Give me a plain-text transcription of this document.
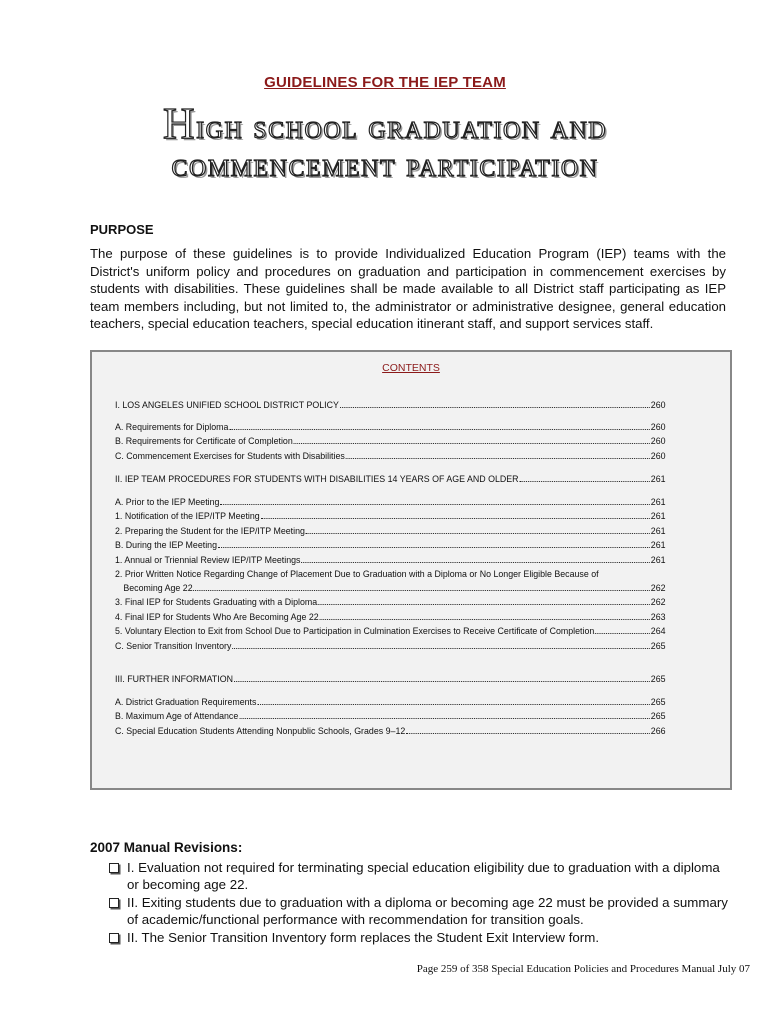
GUIDELINES FOR THE IEP TEAM
High school graduation and
commencement participation
PURPOSE

The purpose of these guidelines is to provide Individualized Education Program (IEP) teams with the District's uniform policy and procedures on graduation and participation in commencement exercises by students with disabilities. These guidelines shall be made available to all District staff participating as IEP team members including, but not limited to, the administrator or administrative designee, general education teachers, special education teachers, special education itinerant staff, and support services staff.

CONTENTS
I. LOS ANGELES UNIFIED SCHOOL DISTRICT POLICY	260
A. Requirements for Diploma	260
B. Requirements for Certificate of Completion	260
C. Commencement Exercises for Students with Disabilities	260
II. IEP TEAM PROCEDURES FOR STUDENTS WITH DISABILITIES 14 YEARS OF AGE AND OLDER	261
A. Prior to the IEP Meeting	261
1. Notification of the IEP/ITP Meeting	261
2. Preparing the Student for the IEP/ITP Meeting	261
B. During the IEP Meeting	261
1. Annual or Triennial Review IEP/ITP Meetings	261
2. Prior Written Notice Regarding Change of Placement Due to Graduation with a Diploma or No Longer Eligible Because of
Becoming Age 22	262
3. Final IEP for Students Graduating with a Diploma	262
4. Final IEP for Students Who Are Becoming Age 22	263
5. Voluntary Election to Exit from School Due to Participation in Culmination Exercises to Receive Certificate of Completion	264
C. Senior Transition Inventory	265
III. FURTHER INFORMATION	265
A. District Graduation Requirements	265
B. Maximum Age of Attendance	265
C. Special Education Students Attending Nonpublic Schools, Grades 9–12	266
2007 Manual Revisions:
I. Evaluation not required for terminating special education eligibility due to graduation with a diploma or becoming age 22.
II. Exiting students due to graduation with a diploma or becoming age 22 must be provided a summary of academic/functional performance with recommendation for transition goals.
II. The Senior Transition Inventory form replaces the Student Exit Interview form.
Page 259 of 358 Special Education Policies and Procedures Manual July 07
